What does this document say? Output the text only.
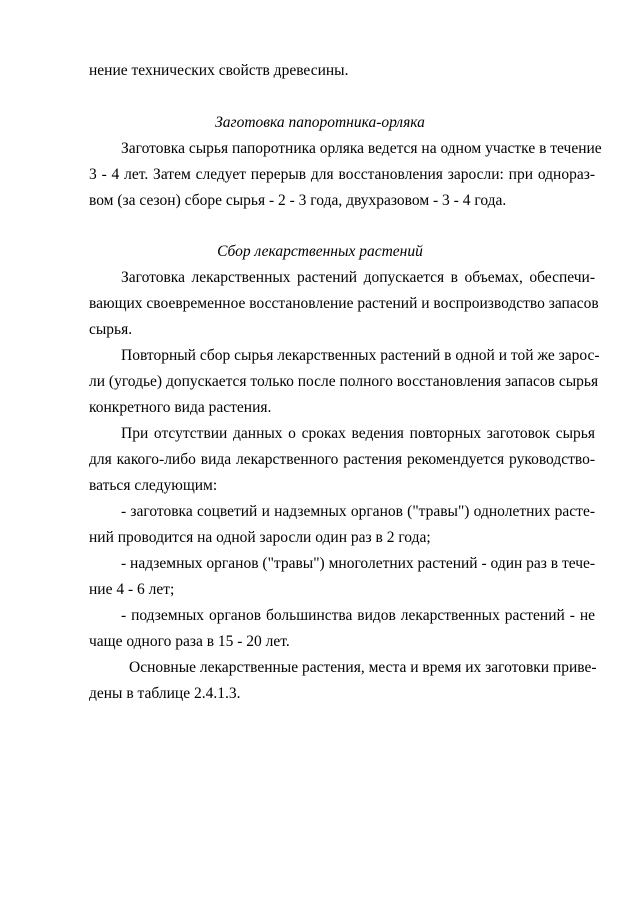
нение технических свойств древесины.

Заготовка папоротника-орляка

Заготовка сырья папоротника орляка ведется на одном участке в течение

3 - 4 лет. Затем следует перерыв для восстановления заросли: при однораз-

вом (за сезон) сборе сырья - 2 - 3 года, двухразовом - 3 - 4 года.

Сбор лекарственных растений

Заготовка лекарственных растений допускается в объемах, обеспечи-

вающих своевременное восстановление растений и воспроизводство запасов

сырья.

Повторный сбор сырья лекарственных растений в одной и той же зарос-

ли (угодье) допускается только после полного восстановления запасов сырья

конкретного вида растения.

При отсутствии данных о сроках ведения повторных заготовок сырья

для какого-либо вида лекарственного растения рекомендуется руководство-

ваться следующим:

- заготовка соцветий и надземных органов ("травы") однолетних расте-

ний проводится на одной заросли один раз в 2 года;

- надземных органов ("травы") многолетних растений - один раз в тече-

ние 4 - 6 лет;

- подземных органов большинства видов лекарственных растений - не

чаще одного раза в 15 - 20 лет.

Основные лекарственные растения, места и время их заготовки приве-

дены в таблице 2.4.1.3.
